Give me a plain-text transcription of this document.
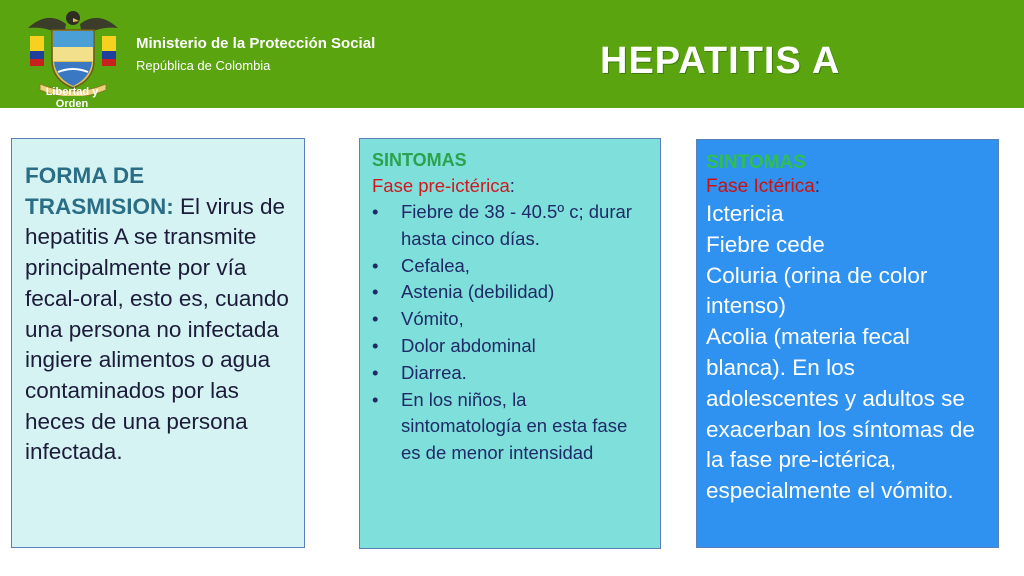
Libertad y Orden
Ministerio de la Protección Social
República de Colombia	HEPATITIS A
FORMA DE TRASMISION: El virus de hepatitis A se transmite principalmente por vía fecal-oral, esto es, cuando una persona no infectada ingiere alimentos o agua contaminados por las heces de una persona infectada.
SINTOMAS
Fase pre-ictérica:
• Fiebre de 38 - 40.5º c; durar hasta cinco días.
• Cefalea,
• Astenia (debilidad)
• Vómito,
• Dolor abdominal
• Diarrea.
• En los niños, la sintomatología en esta fase es de menor intensidad
SINTOMAS
Fase Ictérica:
Ictericia
Fiebre cede
Coluria (orina de color intenso)
Acolia (materia fecal blanca). En los adolescentes y adultos se exacerban los síntomas de la fase pre-ictérica, especialmente el vómito.
